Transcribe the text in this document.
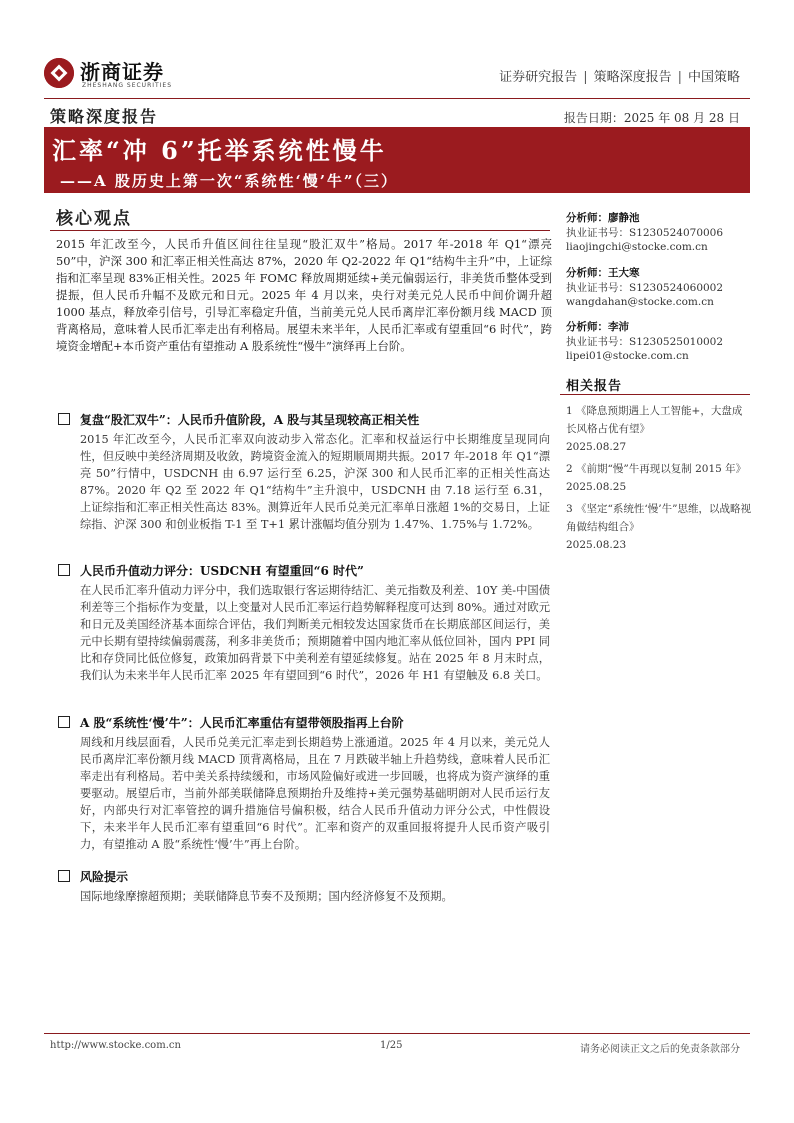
浙商证券
ZHESHANG SECURITIES
证券研究报告 | 策略深度报告 | 中国策略
策略深度报告	报告日期：2025 年 08 月 28 日
汇率“冲 6”托举系统性慢牛
——A 股历史上第一次“系统性‘慢’牛”（三）
核心观点
2015 年汇改至今，人民币升值区间往往呈现“股汇双牛”格局。2017 年-2018 年 Q1“漂亮 50”中，沪深 300 和汇率正相关性高达 87%，2020 年 Q2-2022 年 Q1“结构牛主升”中，上证综指和汇率呈现 83%正相关性。2025 年 FOMC 释放周期延续+美元偏弱运行，非美货币整体受到提振，但人民币升幅不及欧元和日元。2025 年 4 月以来，央行对美元兑人民币中间价调升超 1000 基点，释放牵引信号，引导汇率稳定升值，当前美元兑人民币离岸汇率份额月线 MACD 顶背离格局，意味着人民币汇率走出有利格局。展望未来半年，人民币汇率或有望重回“6 时代”，跨境资金增配+本币资产重估有望推动 A 股系统性“慢牛”演绎再上台阶。
复盘“股汇双牛”：人民币升值阶段，A 股与其呈现较高正相关性
2015 年汇改至今，人民币汇率双向波动步入常态化。汇率和权益运行中长期维度呈现同向性，但反映中美经济周期及收敛，跨境资金流入的短期顺周期共振。2017 年-2018 年 Q1“漂亮 50”行情中，USDCNH 由 6.97 运行至 6.25，沪深 300 和人民币汇率的正相关性高达 87%。2020 年 Q2 至 2022 年 Q1“结构牛”主升浪中，USDCNH 由 7.18 运行至 6.31，上证综指和汇率正相关性高达 83%。测算近年人民币兑美元汇率单日涨超 1%的交易日，上证综指、沪深 300 和创业板指 T-1 至 T+1 累计涨幅均值分别为 1.47%、1.75%与 1.72%。
人民币升值动力评分：USDCNH 有望重回“6 时代”
在人民币汇率升值动力评分中，我们选取银行客运期待结汇、美元指数及利差、10Y 美-中国债利差等三个指标作为变量，以上变量对人民币汇率运行趋势解释程度可达到 80%。通过对欧元和日元及美国经济基本面综合评估，我们判断美元相较发达国家货币在长期底部区间运行，美元中长期有望持续偏弱震荡，利多非美货币；预期随着中国内地汇率从低位回补，国内 PPI 同比和存贷同比低位修复，政策加码背景下中美利差有望延续修复。站在 2025 年 8 月末时点，我们认为未来半年人民币汇率 2025 年有望回到“6 时代”，2026 年 H1 有望触及 6.8 关口。
A 股“系统性‘慢’牛”：人民币汇率重估有望带领股指再上台阶
周线和月线层面看，人民币兑美元汇率走到长期趋势上涨通道。2025 年 4 月以来，美元兑人民币离岸汇率份额月线 MACD 顶背离格局，且在 7 月跌破半轴上升趋势线，意味着人民币汇率走出有利格局。若中美关系持续缓和，市场风险偏好或进一步回暖，也将成为资产演绎的重要驱动。展望后市，当前外部美联储降息预期抬升及维持+美元强势基础明朗对人民币运行友好，内部央行对汇率管控的调升措施信号偏积极，结合人民币升值动力评分公式，中性假设下，未来半年人民币汇率有望重回“6 时代”。汇率和资产的双重回报将提升人民币资产吸引力，有望推动 A 股“系统性‘慢’牛”再上台阶。
风险提示
国际地缘摩擦超预期；美联储降息节奏不及预期；国内经济修复不及预期。
分析师：廖静池
执业证书号：S1230524070006
liaojingchi@stocke.com.cn
分析师：王大寒
执业证书号：S1230524060002
wangdahan@stocke.com.cn
分析师：李沛
执业证书号：S1230525010002
lipei01@stocke.com.cn
相关报告
1 《降息预期遇上人工智能+，大盘成长风格占优有望》
2025.08.27
2 《前期“慢”牛再现以复制 2015 年》
2025.08.25
3 《坚定“系统性‘慢’牛”思维，以战略视角做结构组合》
2025.08.23
http://www.stocke.com.cn	1/25	请务必阅读正文之后的免责条款部分
